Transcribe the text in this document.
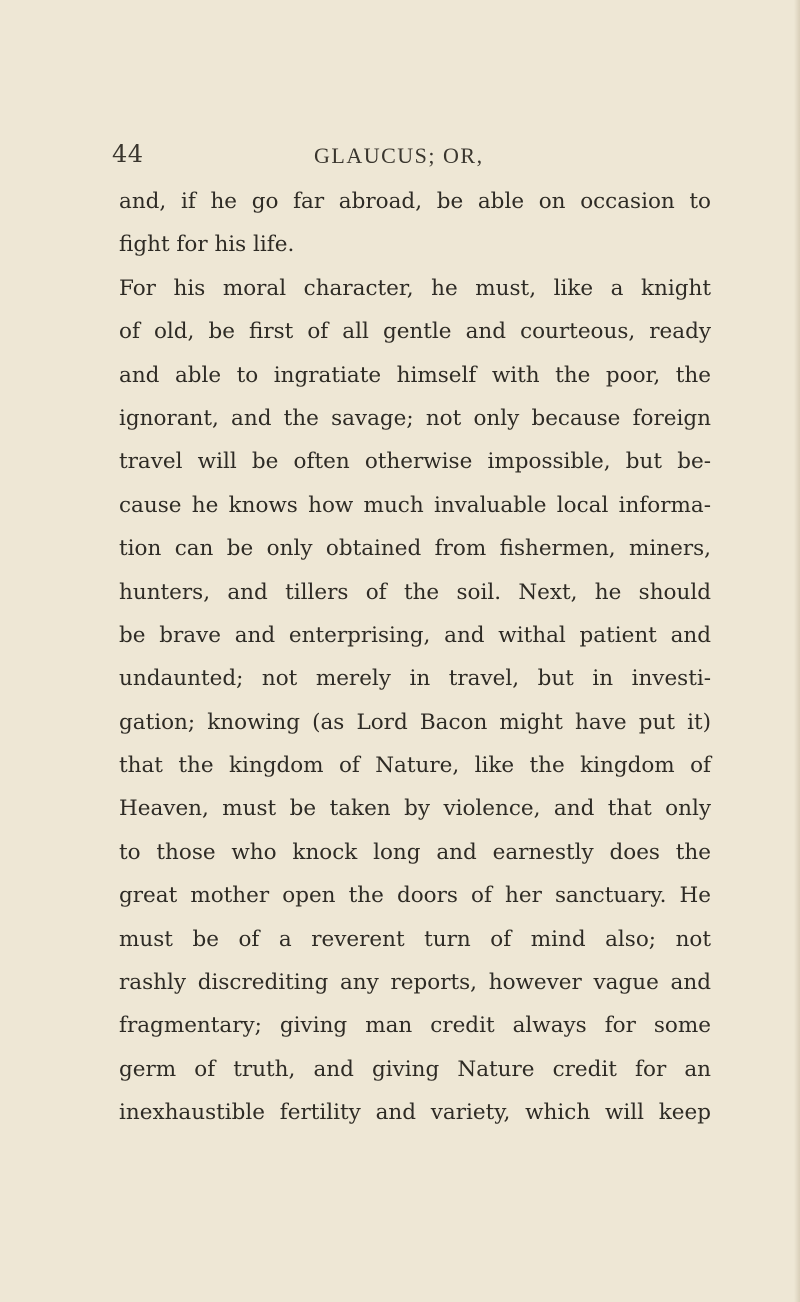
44	GLAUCUS; OR,
and, if he go far abroad, be able on occasion to
fight for his life.
For his moral character, he must, like a knight
of old, be first of all gentle and courteous, ready
and able to ingratiate himself with the poor, the
ignorant, and the savage; not only because foreign
travel will be often otherwise impossible, but be-
cause he knows how much invaluable local informa-
tion can be only obtained from fishermen, miners,
hunters, and tillers of the soil. Next, he should
be brave and enterprising, and withal patient and
undaunted; not merely in travel, but in investi-
gation; knowing (as Lord Bacon might have put it)
that the kingdom of Nature, like the kingdom of
Heaven, must be taken by violence, and that only
to those who knock long and earnestly does the
great mother open the doors of her sanctuary. He
must be of a reverent turn of mind also; not
rashly discrediting any reports, however vague and
fragmentary; giving man credit always for some
germ of truth, and giving Nature credit for an
inexhaustible fertility and variety, which will keep
